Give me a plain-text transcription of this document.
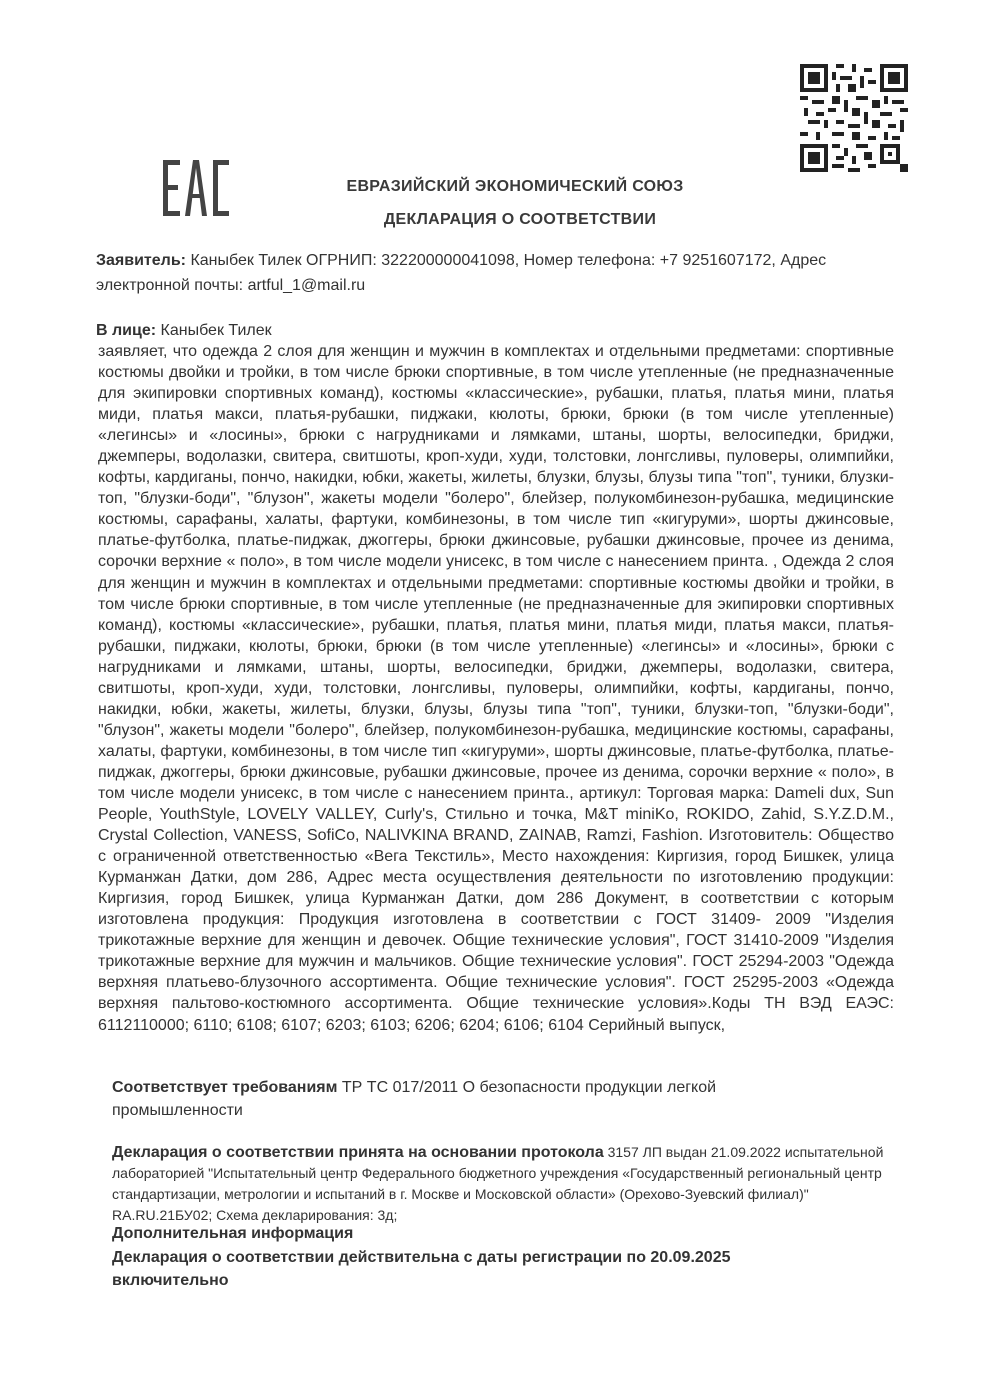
ЕВРАЗИЙСКИЙ ЭКОНОМИЧЕСКИЙ СОЮЗ
ДЕКЛАРАЦИЯ О СООТВЕТСТВИИ
Заявитель: Каныбек Тилек ОГРНИП: 322200000041098, Номер телефона: +7 9251607172, Адрес электронной почты: artful_1@mail.ru
В лице: Каныбек Тилек

заявляет, что одежда 2 слоя для женщин и мужчин в комплектах и отдельными предметами: спортивные костюмы двойки и тройки, в том числе брюки спортивные, в том числе утепленные (не предназначенные для экипировки спортивных команд), костюмы «классические», рубашки, платья, платья мини, платья миди, платья макси, платья-рубашки, пиджаки, кюлоты, брюки, брюки (в том числе утепленные) «легинсы» и «лосины», брюки с нагрудниками и лямками, штаны, шорты, велосипедки, бриджи, джемперы, водолазки, свитера, свитшоты, кроп-худи, худи, толстовки, лонгсливы, пуловеры, олимпийки, кофты, кардиганы, пончо, накидки, юбки, жакеты, жилеты, блузки, блузы, блузы типа "топ", туники, блузки-топ, "блузки-боди", "блузон", жакеты модели "болеро", блейзер, полукомбинезон-рубашка, медицинские костюмы, сарафаны, халаты, фартуки, комбинезоны, в том числе тип «кигуруми», шорты джинсовые, платье-футболка, платье-пиджак, джоггеры, брюки джинсовые, рубашки джинсовые, прочее из денима, сорочки верхние « поло», в том числе модели унисекс, в том числе с нанесением принта. , Одежда 2 слоя для женщин и мужчин в комплектах и отдельными предметами: спортивные костюмы двойки и тройки, в том числе брюки спортивные, в том числе утепленные (не предназначенные для экипировки спортивных команд), костюмы «классические», рубашки, платья, платья мини, платья миди, платья макси, платья-рубашки, пиджаки, кюлоты, брюки, брюки (в том числе утепленные) «легинсы» и «лосины», брюки с нагрудниками и лямками, штаны, шорты, велосипедки, бриджи, джемперы, водолазки, свитера, свитшоты, кроп-худи, худи, толстовки, лонгсливы, пуловеры, олимпийки, кофты, кардиганы, пончо, накидки, юбки, жакеты, жилеты, блузки, блузы, блузы типа "топ", туники, блузки-топ, "блузки-боди", "блузон", жакеты модели "болеро", блейзер, полукомбинезон-рубашка, медицинские костюмы, сарафаны, халаты, фартуки, комбинезоны, в том числе тип «кигуруми», шорты джинсовые, платье-футболка, платье-пиджак, джоггеры, брюки джинсовые, рубашки джинсовые, прочее из денима, сорочки верхние « поло», в том числе модели унисекс, в том числе с нанесением принта., артикул: Торговая марка: Dameli dux, Sun People, YouthStyle, LOVELY VALLEY, Curly's, Стильно и точка, M&T miniKo, ROKIDO, Zahid, S.Y.Z.D.M., Crystal Collection, VANESS, SofiCo, NALIVKINA BRAND, ZAINAB, Ramzi, Fashion. Изготовитель: Общество с ограниченной ответственностью «Вега Текстиль», Место нахождения: Киргизия, город Бишкек, улица Курманжан Датки, дом 286, Адрес места осуществления деятельности по изготовлению продукции: Киргизия, город Бишкек, улица Курманжан Датки, дом 286 Документ, в соответствии с которым изготовлена продукция: Продукция изготовлена в соответствии с ГОСТ 31409- 2009 "Изделия трикотажные верхние для женщин и девочек. Общие технические условия", ГОСТ 31410-2009 "Изделия трикотажные верхние для мужчин и мальчиков. Общие технические условия". ГОСТ 25294-2003 "Одежда верхняя платьево-блузочного ассортимента. Общие технические условия". ГОСТ 25295-2003 «Одежда верхняя пальтово-костюмного ассортимента. Общие технические условия».Коды ТН ВЭД ЕАЭС: 6112110000; 6110; 6108; 6107; 6203; 6103; 6206; 6204; 6106; 6104 Серийный выпуск,

Соответствует требованиям ТР ТС 017/2011 О безопасности продукции легкой промышленности

Декларация о соответствии принята на основании протокола 3157 ЛП выдан 21.09.2022 испытательной лабораторией "Испытательный центр Федерального бюджетного учреждения «Государственный региональный центр стандартизации, метрологии и испытаний в г. Москве и Московской области» (Орехово-Зуевский филиал)" RA.RU.21БУ02; Схема декларирования: 3д;

Дополнительная информация

Декларация о соответствии действительна с даты регистрации по 20.09.2025 включительно
